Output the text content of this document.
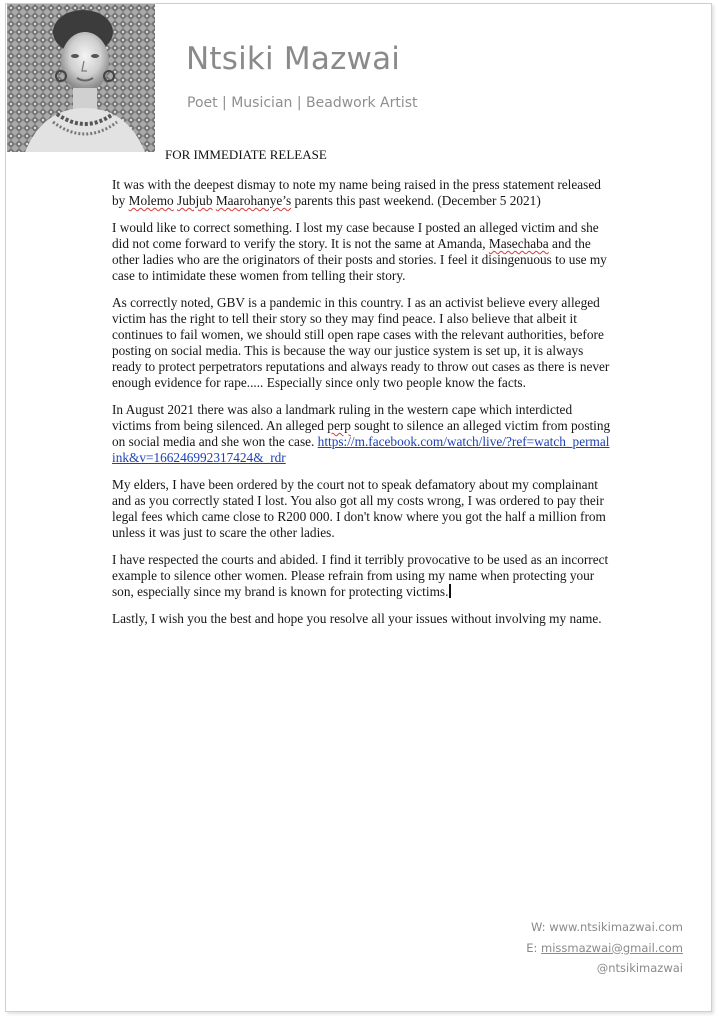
Ntsiki Mazwai
Poet | Musician | Beadwork Artist
FOR IMMEDIATE RELEASE

It was with the deepest dismay to note my name being raised in the press statement released by Molemo Jubjub Maarohanye’s parents this past weekend. (December 5 2021)

I would like to correct something. I lost my case because I posted an alleged victim and she did not come forward to verify the story. It is not the same at Amanda, Masechaba and the other ladies who are the originators of their posts and stories. I feel it disingenuous to use my case to intimidate these women from telling their story.

As correctly noted, GBV is a pandemic in this country. I as an activist believe every alleged victim has the right to tell their story so they may find peace. I also believe that albeit it continues to fail women, we should still open rape cases with the relevant authorities, before posting on social media. This is because the way our justice system is set up, it is always ready to protect perpetrators reputations and always ready to throw out cases as there is never enough evidence for rape..... Especially since only two people know the facts.

In August 2021 there was also a landmark ruling in the western cape which interdicted victims from being silenced. An alleged perp sought to silence an alleged victim from posting on social media and she won the case. https://m.facebook.com/watch/live/?ref=watch_permalink&v=166246992317424&_rdr

My elders, I have been ordered by the court not to speak defamatory about my complainant and as you correctly stated I lost. You also got all my costs wrong, I was ordered to pay their legal fees which came close to R200 000. I don't know where you got the half a million from unless it was just to scare the other ladies.

I have respected the courts and abided. I find it terribly provocative to be used as an incorrect example to silence other women. Please refrain from using my name when protecting your son, especially since my brand is known for protecting victims.

Lastly, I wish you the best and hope you resolve all your issues without involving my name.

W: www.ntsikimazwai.com
E: missmazwai@gmail.com
@ntsikimazwai
